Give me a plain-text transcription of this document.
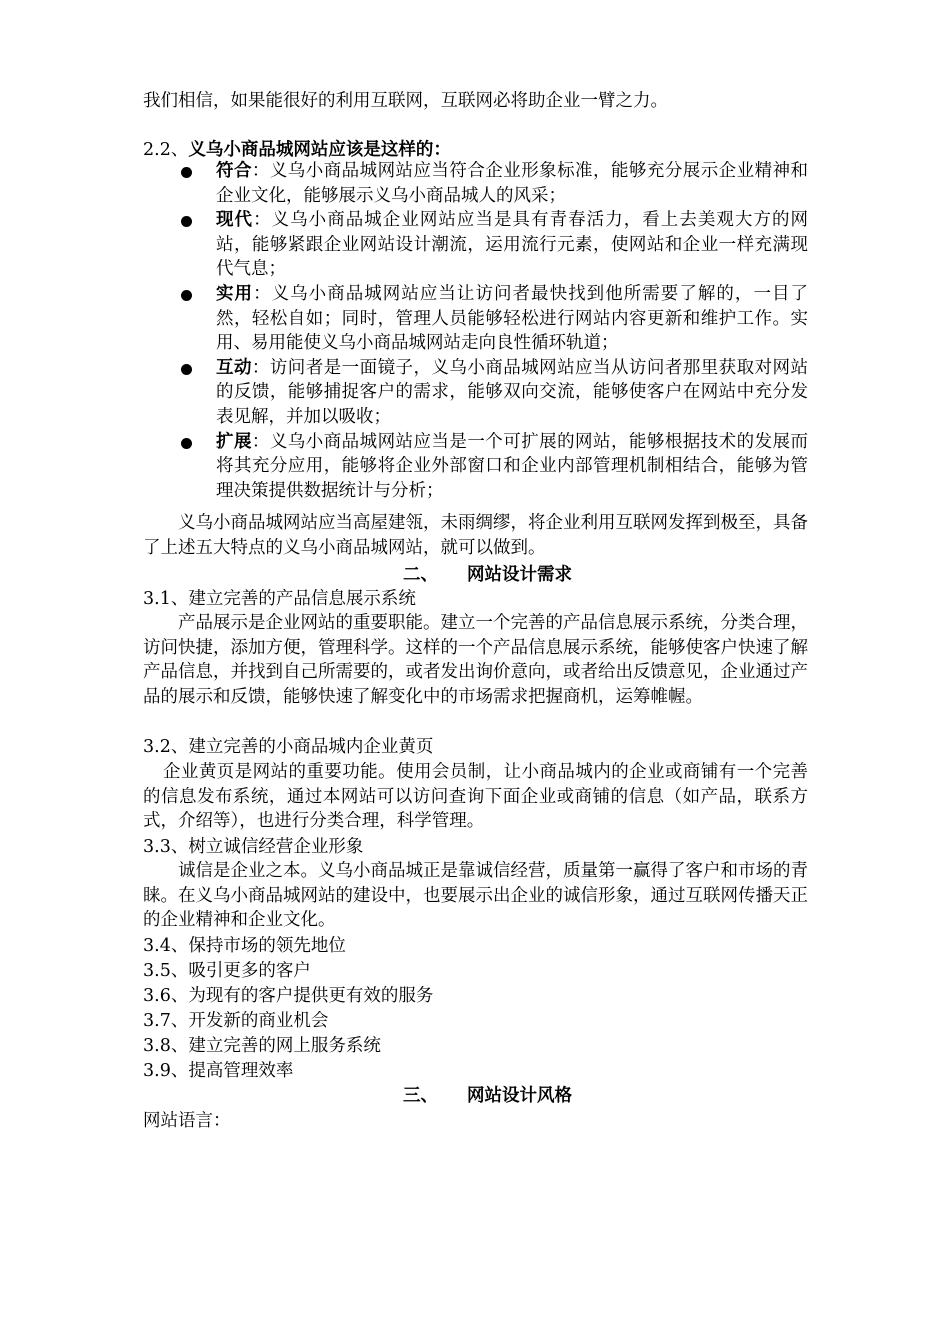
我们相信，如果能很好的利用互联网，互联网必将助企业一臂之力。
2.2、义乌小商品城网站应该是这样的：
符合：义乌小商品城网站应当符合企业形象标准，能够充分展示企业精神和企业文化，能够展示义乌小商品城人的风采；
现代：义乌小商品城企业网站应当是具有青春活力，看上去美观大方的网站，能够紧跟企业网站设计潮流，运用流行元素，使网站和企业一样充满现代气息；
实用：义乌小商品城网站应当让访问者最快找到他所需要了解的，一目了然，轻松自如；同时，管理人员能够轻松进行网站内容更新和维护工作。实用、易用能使义乌小商品城网站走向良性循环轨道；
互动：访问者是一面镜子，义乌小商品城网站应当从访问者那里获取对网站的反馈，能够捕捉客户的需求，能够双向交流，能够使客户在网站中充分发表见解，并加以吸收；
扩展：义乌小商品城网站应当是一个可扩展的网站，能够根据技术的发展而将其充分应用，能够将企业外部窗口和企业内部管理机制相结合，能够为管理决策提供数据统计与分析；
义乌小商品城网站应当高屋建瓴，未雨绸缪，将企业利用互联网发挥到极至，具备了上述五大特点的义乌小商品城网站，就可以做到。
二、 网站设计需求
3.1、建立完善的产品信息展示系统
产品展示是企业网站的重要职能。建立一个完善的产品信息展示系统，分类合理，访问快捷，添加方便，管理科学。这样的一个产品信息展示系统，能够使客户快速了解产品信息，并找到自己所需要的，或者发出询价意向，或者给出反馈意见，企业通过产品的展示和反馈，能够快速了解变化中的市场需求把握商机，运筹帷幄。
3.2、建立完善的小商品城内企业黄页
企业黄页是网站的重要功能。使用会员制，让小商品城内的企业或商铺有一个完善的信息发布系统，通过本网站可以访问查询下面企业或商铺的信息（如产品，联系方式，介绍等），也进行分类合理，科学管理。
3.3、树立诚信经营企业形象
诚信是企业之本。义乌小商品城正是靠诚信经营，质量第一赢得了客户和市场的青睐。在义乌小商品城网站的建设中，也要展示出企业的诚信形象，通过互联网传播天正的企业精神和企业文化。
3.4、保持市场的领先地位
3.5、吸引更多的客户
3.6、为现有的客户提供更有效的服务
3.7、开发新的商业机会
3.8、建立完善的网上服务系统
3.9、提高管理效率
三、 网站设计风格
网站语言：
